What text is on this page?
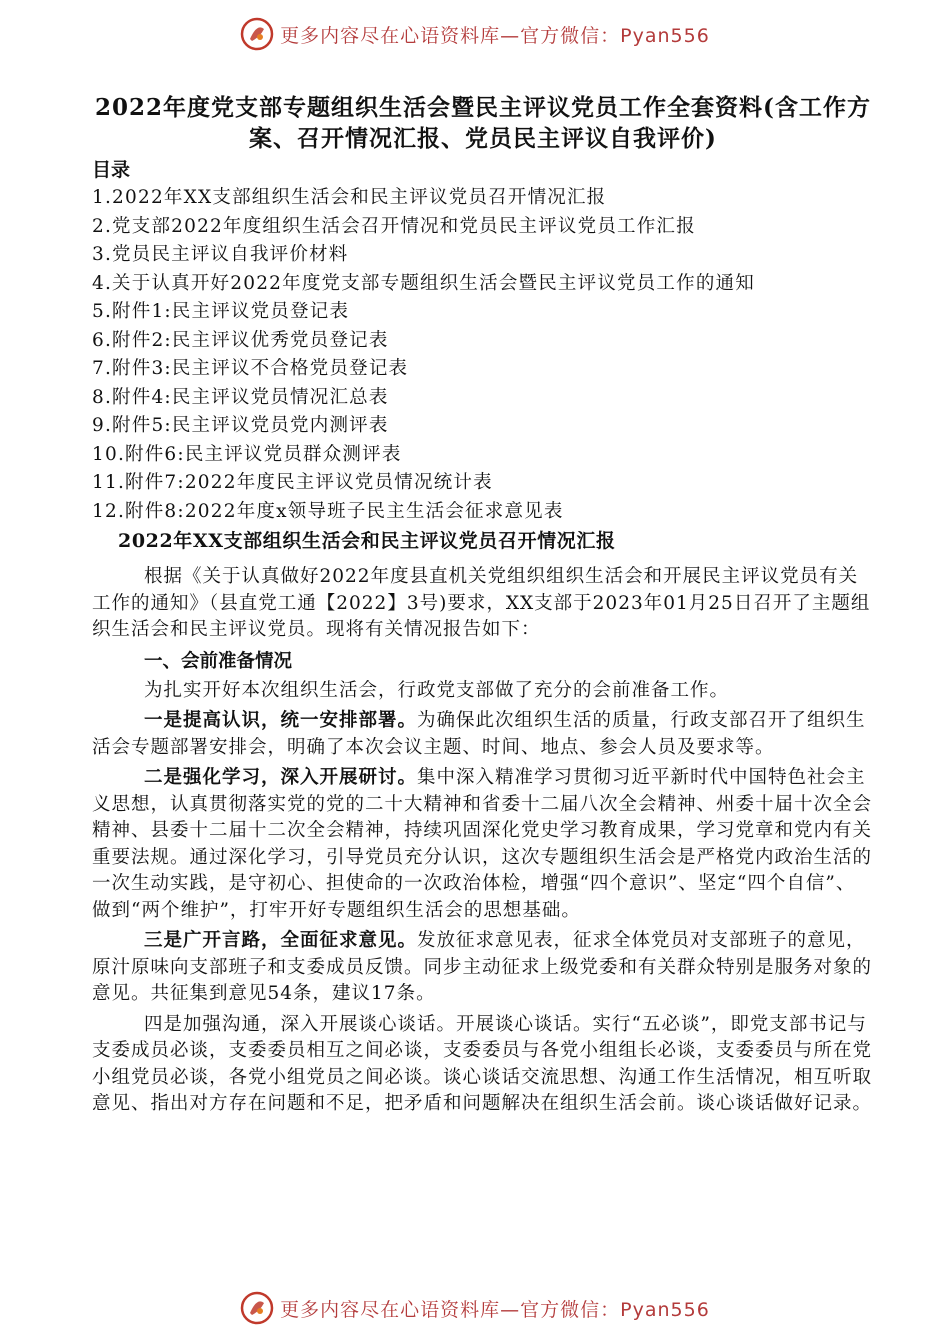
更多内容尽在心语资料库—官方微信：Pyan556
2022年度党支部专题组织生活会暨民主评议党员工作全套资料(含工作方案、召开情况汇报、党员民主评议自我评价)
目录
1.2022年XX支部组织生活会和民主评议党员召开情况汇报
2.党支部2022年度组织生活会召开情况和党员民主评议党员工作汇报
3.党员民主评议自我评价材料
4.关于认真开好2022年度党支部专题组织生活会暨民主评议党员工作的通知
5.附件1:民主评议党员登记表
6.附件2:民主评议优秀党员登记表
7.附件3:民主评议不合格党员登记表
8.附件4:民主评议党员情况汇总表
9.附件5:民主评议党员党内测评表
10.附件6:民主评议党员群众测评表
11.附件7:2022年度民主评议党员情况统计表
12.附件8:2022年度x领导班子民主生活会征求意见表
2022年XX支部组织生活会和民主评议党员召开情况汇报

根据《关于认真做好2022年度县直机关党组织组织生活会和开展民主评议党员有关工作的通知》（县直党工通【2022】3号)要求，XX支部于2023年01月25日召开了主题组织生活会和民主评议党员。现将有关情况报告如下：

一、会前准备情况

为扎实开好本次组织生活会，行政党支部做了充分的会前准备工作。

一是提高认识，统一安排部署。为确保此次组织生活的质量，行政支部召开了组织生活会专题部署安排会，明确了本次会议主题、时间、地点、参会人员及要求等。

二是强化学习，深入开展研讨。集中深入精准学习贯彻习近平新时代中国特色社会主义思想，认真贯彻落实党的党的二十大精神和省委十二届八次全会精神、州委十届十次全会精神、县委十二届十二次全会精神，持续巩固深化党史学习教育成果，学习党章和党内有关重要法规。通过深化学习，引导党员充分认识，这次专题组织生活会是严格党内政治生活的一次生动实践，是守初心、担使命的一次政治体检，增强“四个意识”、坚定“四个自信”、做到“两个维护”，打牢开好专题组织生活会的思想基础。

三是广开言路，全面征求意见。发放征求意见表，征求全体党员对支部班子的意见，原汁原味向支部班子和支委成员反馈。同步主动征求上级党委和有关群众特别是服务对象的意见。共征集到意见54条，建议17条。

四是加强沟通，深入开展谈心谈话。开展谈心谈话。实行“五必谈”，即党支部书记与支委成员必谈，支委委员相互之间必谈，支委委员与各党小组组长必谈，支委委员与所在党小组党员必谈，各党小组党员之间必谈。谈心谈话交流思想、沟通工作生活情况，相互听取意见、指出对方存在问题和不足，把矛盾和问题解决在组织生活会前。谈心谈话做好记录。

更多内容尽在心语资料库—官方微信：Pyan556
